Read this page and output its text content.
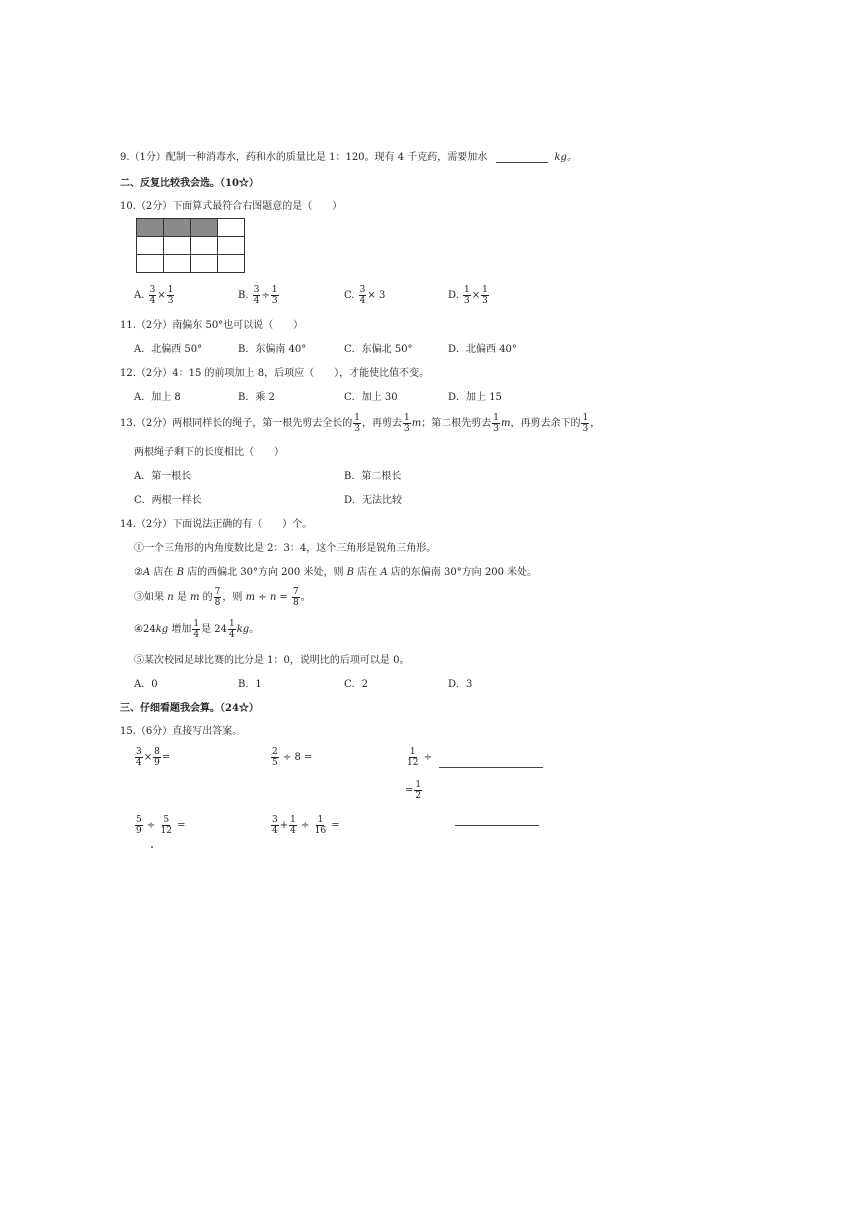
9.（1分）配制一种消毒水，药和水的质量比是 1：120。现有 4 千克药，需要加水	kg。
二、反复比较我会选。（10☆）
10.（2分）下面算式最符合右图题意的是（　　）
A. $\frac{3}{4} \times \frac{1}{3}$	B. $\frac{3}{4} \div \frac{1}{3}$	C. $\frac{3}{4} \times 3$	D. $\frac{1}{3} \times \frac{1}{3}$
11.（2分）南偏东 50°也可以说（　　）
A．北偏西 50°	B．东偏南 40°	C．东偏北 50°	D．北偏西 40°
12.（2分）4：15 的前项加上 8，后项应（　　），才能使比值不变。
A．加上 8	B．乘 2	C．加上 30	D．加上 15
13.（2分）两根同样长的绳子，第一根先剪去全长的 $\frac{1}{3}$ ，再剪去 $\frac{1}{3}$ m；第二根先剪去 $\frac{1}{3}$ m，再剪去余下的 $\frac{1}{3}$ ，
两根绳子剩下的长度相比（　　）
A．第一根长	B．第二根长
C．两根一样长	D．无法比较
14.（2分）下面说法正确的有（　　）个。
①一个三角形的内角度数比是 2：3：4，这个三角形是锐角三角形。
②A 店在 B 店的西偏北 30°方向 200 米处，则 B 店在 A 店的东偏南 30°方向 200 米处。
③如果 n 是 m 的 $\frac{7}{8}$ ，则 $m \div n = \frac{7}{8}$ 。
④24kg 增加 $\frac{1}{4}$ 是 $24 \frac{1}{4}$ kg。
⑤某次校园足球比赛的比分是 1：0，说明比的后项可以是 0。
A．0	B．1	C．2	D．3
三、仔细看题我会算。（24☆）
15.（6分）直接写出答案。
$\frac{3}{4} \times \frac{8}{9}$ =	$\frac{2}{5} \div 8$ =	$\frac{1}{12}$ ÷
= $\frac{1}{2}$
$\frac{5}{9} \div \frac{5}{12}$ =	$\frac{3}{4} + \frac{1}{4} \div \frac{1}{16}$ =
